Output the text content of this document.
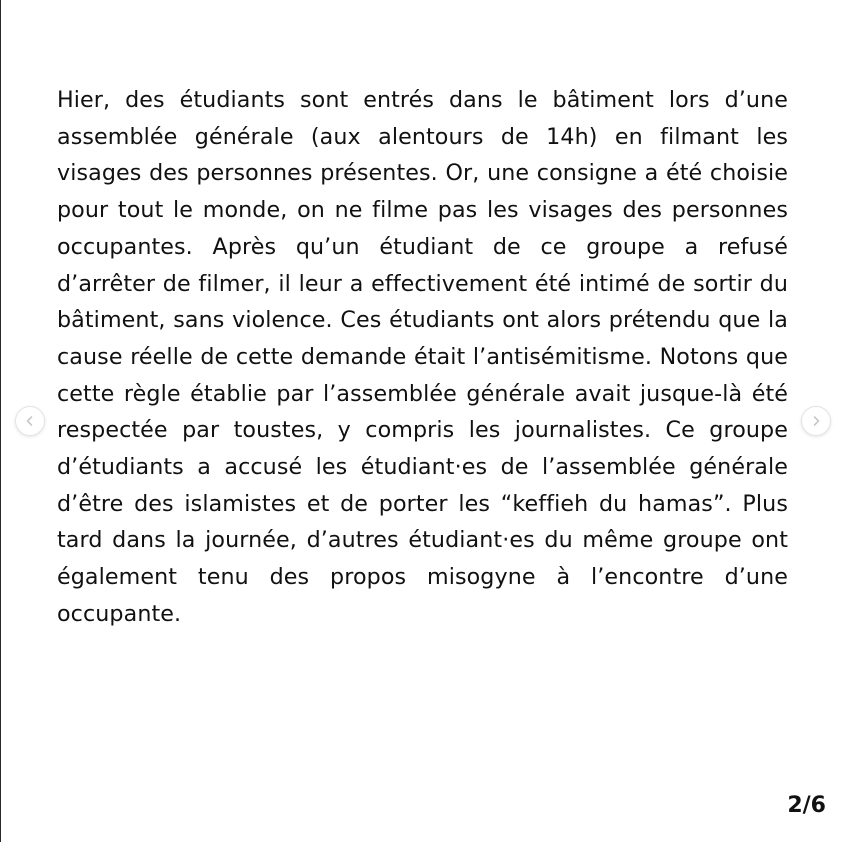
Hier, des étudiants sont entrés dans le bâtiment lors d’une assemblée générale (aux alentours de 14h) en filmant les visages des personnes présentes. Or, une consigne a été choisie pour tout le monde, on ne filme pas les visages des personnes occupantes. Après qu’un étudiant de ce groupe a refusé d’arrêter de filmer, il leur a effectivement été intimé de sortir du bâtiment, sans violence. Ces étudiants ont alors prétendu que la cause réelle de cette demande était l’antisémitisme. Notons que cette règle établie par l’assemblée générale avait jusque-là été respectée par toustes, y compris les journalistes. Ce groupe d’étudiants a accusé les étudiant·es de l’assemblée générale d’être des islamistes et de porter les “keffieh du hamas”. Plus tard dans la journée, d’autres étudiant·es du même groupe ont également tenu des propos misogyne à l’encontre d’une occupante.

2/6
